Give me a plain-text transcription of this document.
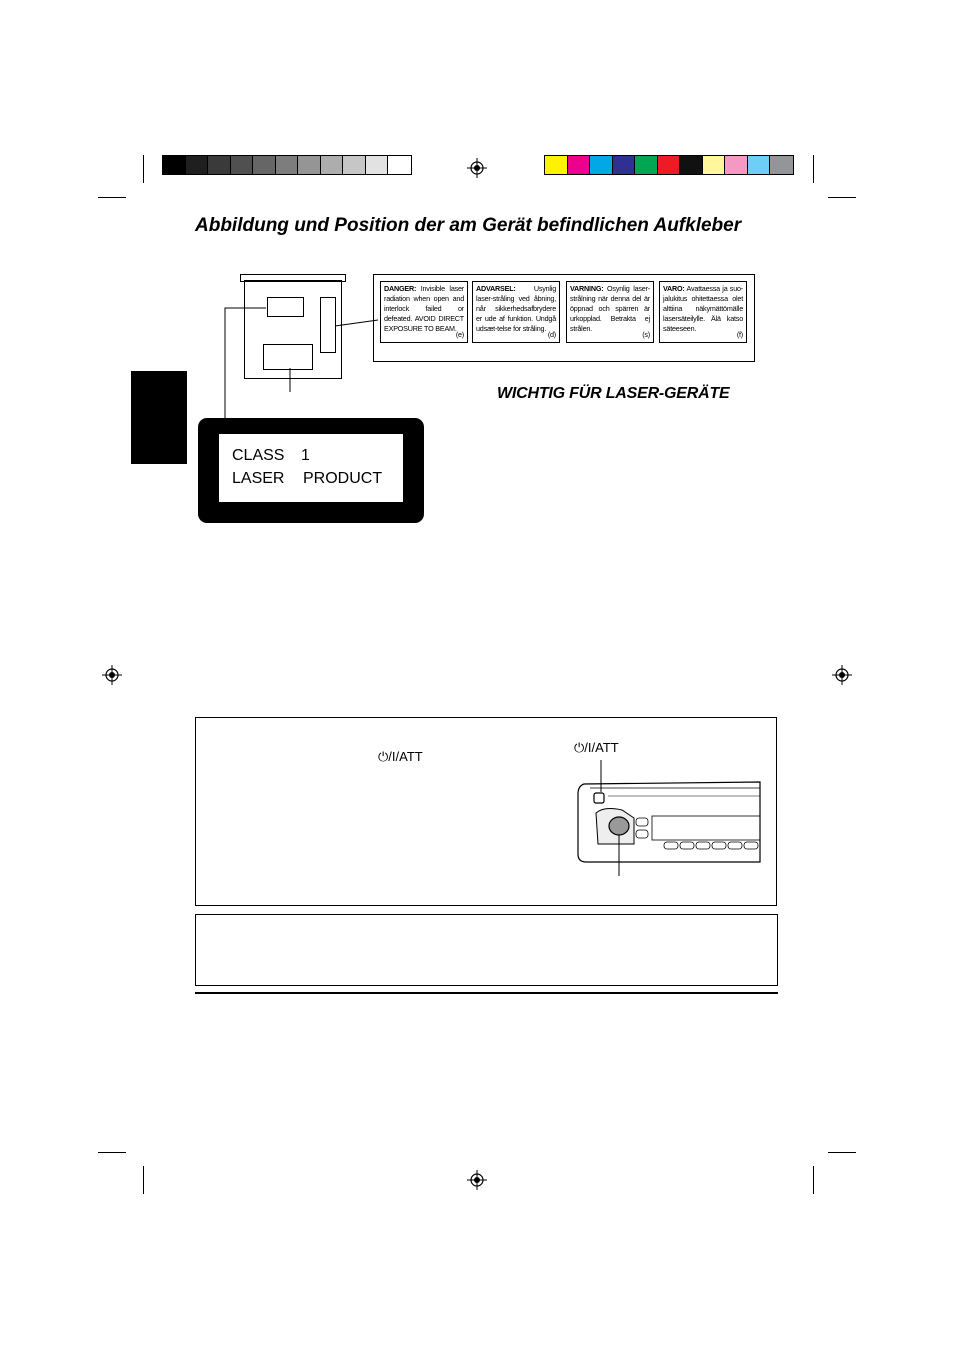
Abbildung und Position der am Gerät befindlichen Aufkleber
DANGER: Invisible laser radiation when open and interlock failed or defeated. AVOID DIRECT EXPOSURE TO BEAM.
(e)
ADVARSEL:	Usynlig laser-stråling ved åbning, når sikkerhedsafbrydere er ude af funktion. Undgå udsæt-telse for stråling.
(d)
VARNING: Osynlig laser-strålning när denna del är öppnad och spärren är urkopplad. Betrakta ej strålen.
(s)
VARO: Avattaessa ja suo-jalukitus ohitettaessa olet alttiina näkymättömälle lasersäteilylle. Älä katso säteeseen.
(f)
WICHTIG FÜR LASER-GERÄTE
CLASS 1
LASER PRODUCT
⏻/I/ATT
⏻/I/ATT
